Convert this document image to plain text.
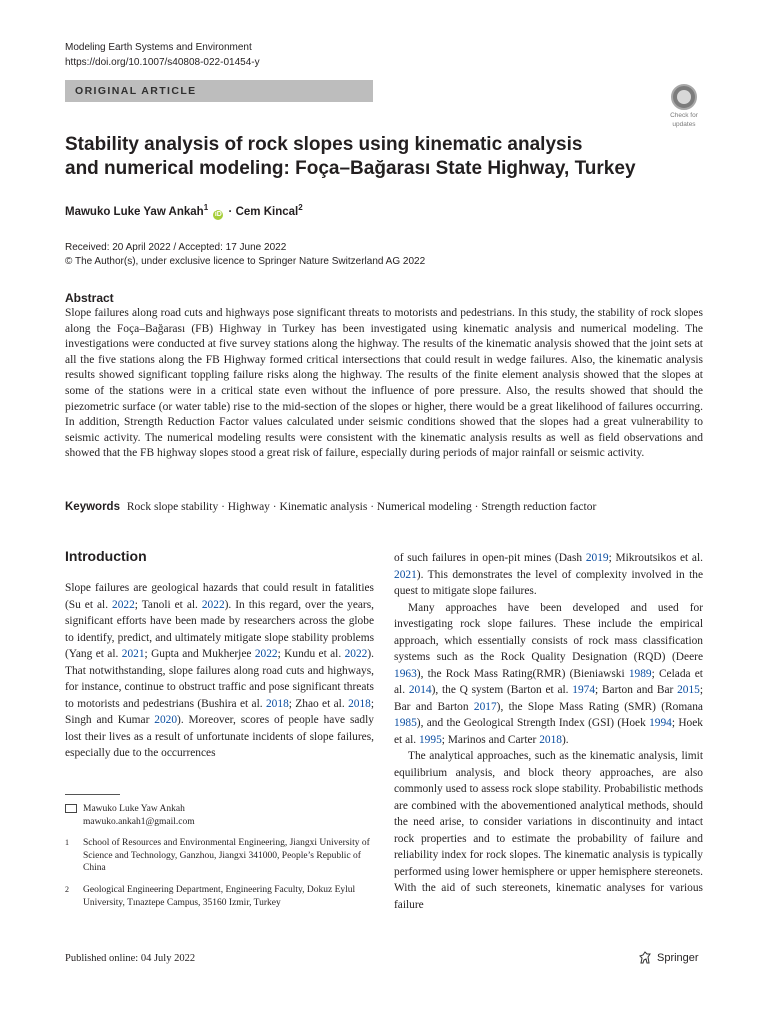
Modeling Earth Systems and Environment
https://doi.org/10.1007/s40808-022-01454-y
ORIGINAL ARTICLE
Check for
updates
Stability analysis of rock slopes using kinematic analysis
and numerical modeling: Foça–Bağarası State Highway, Turkey
Mawuko Luke Yaw Ankah$^1$ iD · Cem Kincal$^2$
Received: 20 April 2022 / Accepted: 17 June 2022
© The Author(s), under exclusive licence to Springer Nature Switzerland AG 2022
Abstract
Slope failures along road cuts and highways pose significant threats to motorists and pedestrians. In this study, the stability of rock slopes along the Foça–Bağarası (FB) Highway in Turkey has been investigated using kinematic analysis and numerical modeling. The investigations were conducted at five survey stations along the highway. The results of the kinematic analysis showed that the joint sets at all the five stations along the FB Highway formed critical intersections that could result in wedge failures. Also, the kinematic analysis results showed significant toppling failure risks along the highway. The results of the finite element analysis showed that the slopes at some of the stations were in a critical state even without the influence of pore pressure. Also, the results showed that should the piezometric surface (or water table) rise to the mid-section of the slopes or higher, there would be a great likelihood of failures occurring. In addition, Strength Reduction Factor values calculated under seismic conditions showed that the slopes had a great vulnerability to seismic activity. The numerical modeling results were consistent with the kinematic analysis results as well as field observations and showed that the FB highway slopes stood a great risk of failure, especially during periods of major rainfall or seismic activity.
Keywords Rock slope stability · Highway · Kinematic analysis · Numerical modeling · Strength reduction factor
Introduction

Slope failures are geological hazards that could result in fatalities (Su et al. 2022; Tanoli et al. 2022). In this regard, over the years, significant efforts have been made by researchers across the globe to identify, predict, and ultimately mitigate slope stability problems (Yang et al. 2021; Gupta and Mukherjee 2022; Kundu et al. 2022). That notwithstanding, slope failures along road cuts and highways, for instance, continue to obstruct traffic and pose significant threats to motorists and pedestrians (Bushira et al. 2018; Zhao et al. 2018; Singh and Kumar 2020). Moreover, scores of people have sadly lost their lives as a result of unfortunate incidents of slope failures, especially due to the occurrences

of such failures in open-pit mines (Dash 2019; Mikroutsikos et al. 2021). This demonstrates the level of complexity involved in the quest to mitigate slope failures.

Many approaches have been developed and used for investigating rock slope failures. These include the empirical approach, which essentially consists of rock mass classification systems such as the Rock Quality Designation (RQD) (Deere 1963), the Rock Mass Rating(RMR) (Bieniawski 1989; Celada et al. 2014), the Q system (Barton et al. 1974; Barton and Bar 2015; Bar and Barton 2017), the Slope Mass Rating (SMR) (Romana 1985), and the Geological Strength Index (GSI) (Hoek 1994; Hoek et al. 1995; Marinos and Carter 2018).

The analytical approaches, such as the kinematic analysis, limit equilibrium analysis, and block theory approaches, are also commonly used to assess rock slope stability. Probabilistic methods are combined with the abovementioned analytical methods, should the need arise, to consider variations in discontinuity and intact rock properties and to estimate the probability of failure and reliability index for rock slopes. The kinematic analysis is typically performed using lower hemisphere or upper hemisphere stereonets. With the aid of such stereonets, kinematic analyses for various failure

Mawuko Luke Yaw Ankah
mawuko.ankah1@gmail.com
1	School of Resources and Environmental Engineering, Jiangxi University of Science and Technology, Ganzhou, Jiangxi 341000, People’s Republic of China
2	Geological Engineering Department, Engineering Faculty, Dokuz Eylul University, Tınaztepe Campus, 35160 Izmir, Turkey
Published online: 04 July 2022	Springer
